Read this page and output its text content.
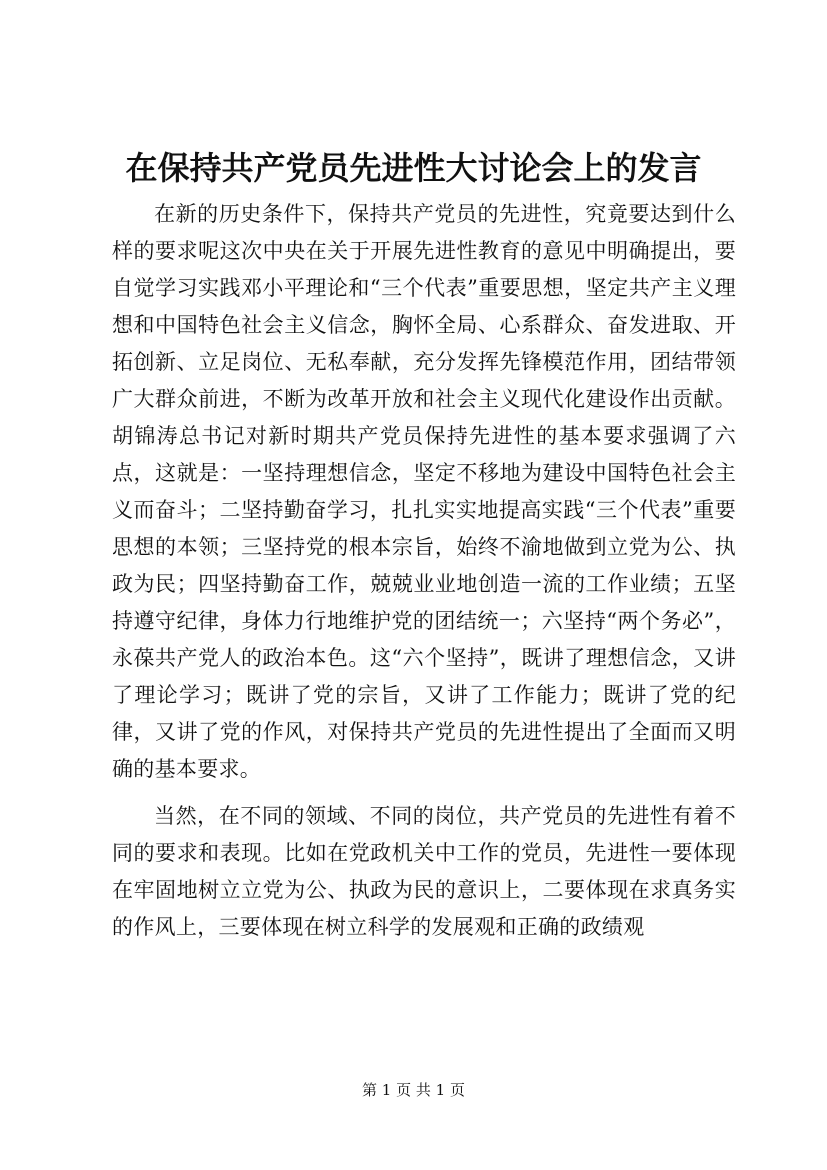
在保持共产党员先进性大讨论会上的发言

在新的历史条件下，保持共产党员的先进性，究竟要达到什么样的要求呢这次中央在关于开展先进性教育的意见中明确提出，要自觉学习实践邓小平理论和“三个代表”重要思想，坚定共产主义理想和中国特色社会主义信念，胸怀全局、心系群众、奋发进取、开拓创新、立足岗位、无私奉献，充分发挥先锋模范作用，团结带领广大群众前进，不断为改革开放和社会主义现代化建设作出贡献。胡锦涛总书记对新时期共产党员保持先进性的基本要求强调了六点，这就是：一坚持理想信念，坚定不移地为建设中国特色社会主义而奋斗；二坚持勤奋学习，扎扎实实地提高实践“三个代表”重要思想的本领；三坚持党的根本宗旨，始终不渝地做到立党为公、执政为民；四坚持勤奋工作，兢兢业业地创造一流的工作业绩；五坚持遵守纪律，身体力行地维护党的团结统一；六坚持“两个务必”，永葆共产党人的政治本色。这“六个坚持”，既讲了理想信念，又讲了理论学习；既讲了党的宗旨，又讲了工作能力；既讲了党的纪律，又讲了党的作风，对保持共产党员的先进性提出了全面而又明确的基本要求。

当然，在不同的领域、不同的岗位，共产党员的先进性有着不同的要求和表现。比如在党政机关中工作的党员，先进性一要体现在牢固地树立立党为公、执政为民的意识上，二要体现在求真务实的作风上，三要体现在树立科学的发展观和正确的政绩观

第 1 页 共 1 页
